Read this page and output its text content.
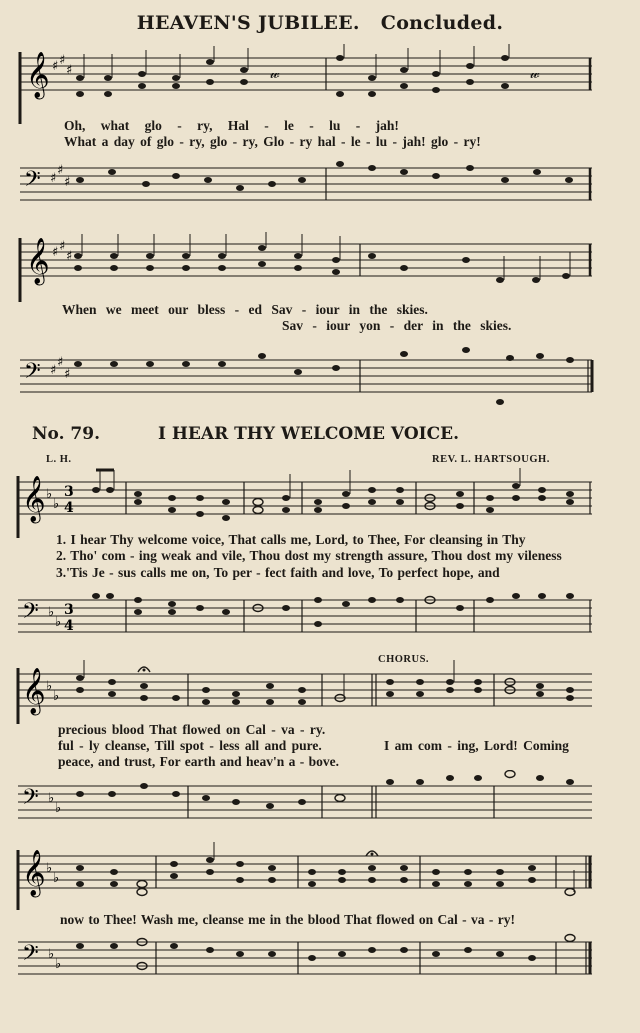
HEAVEN'S JUBILEE. Concluded.
𝄞 ♯ ♯
♯	𝓌	𝓌
Oh, what glo - ry, Hal - le - lu - jah!
What a day of glo - ry, glo - ry, Glo - ry hal - le - lu - jah! glo - ry!
𝄢 ♯
♯
♯
𝄞 ♯ ♯
♯
When we meet our bless - ed Sav - iour in the skies.
Sav - iour yon - der in the skies.
𝄢 ♯
♯
♯
No. 79.	I HEAR THY WELCOME VOICE.
L. H.	REV. L. HARTSOUGH.
𝄞 ♭
♭
3
4
1. I hear Thy welcome voice, That calls me, Lord, to Thee, For cleansing in Thy
2. Tho' com - ing weak and vile, Thou dost my strength assure, Thou dost my vileness
3.'Tis Je - sus calls me on, To per - fect faith and love, To perfect hope, and
𝄢 ♭
♭
3
4
CHORUS.
𝄞 ♭
♭
precious blood That flowed on Cal - va - ry.
ful - ly cleanse, Till spot - less all and pure.	I am com - ing, Lord! Coming
peace, and trust, For earth and heav'n a - bove.
𝄢 ♭
♭
𝄞 ♭
♭
now to Thee! Wash me, cleanse me in the blood That flowed on Cal - va - ry!
𝄢 ♭
♭
